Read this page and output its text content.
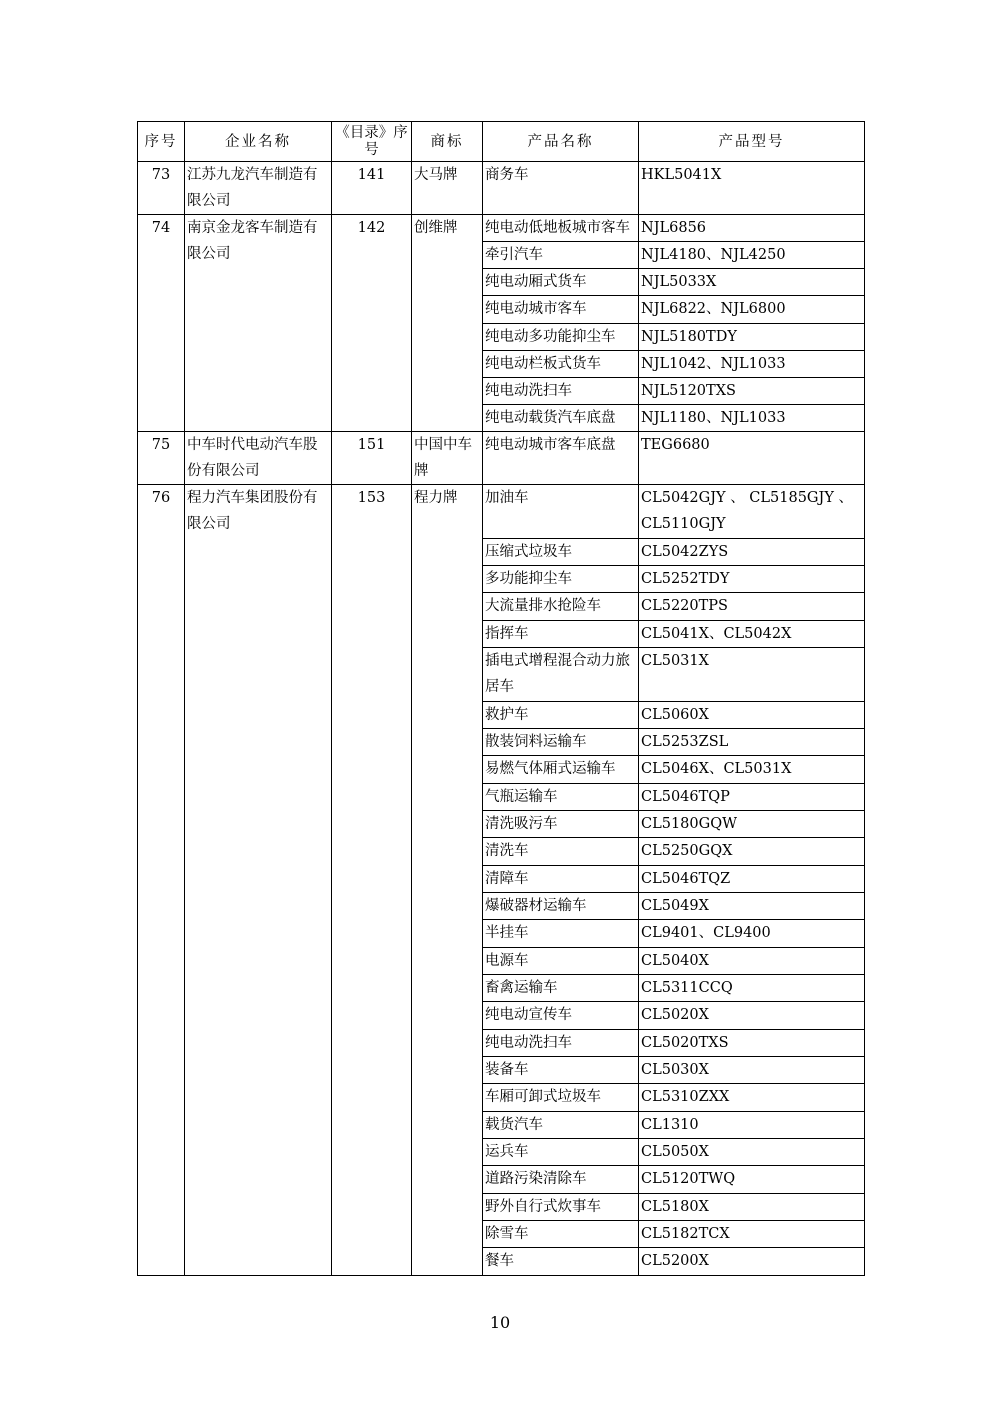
序号	企业名称	《目录》序号	商标	产品名称	产品型号
73	江苏九龙汽车制造有限公司	141	大马牌	商务车	HKL5041X
74	南京金龙客车制造有限公司	142	创维牌	纯电动低地板城市客车	NJL6856
				牵引汽车	NJL4180、NJL4250
				纯电动厢式货车	NJL5033X
				纯电动城市客车	NJL6822、NJL6800
				纯电动多功能抑尘车	NJL5180TDY
				纯电动栏板式货车	NJL1042、NJL1033
				纯电动洗扫车	NJL5120TXS
				纯电动载货汽车底盘	NJL1180、NJL1033
75	中车时代电动汽车股份有限公司	151	中国中车牌	纯电动城市客车底盘	TEG6680
76	程力汽车集团股份有限公司	153	程力牌	加油车	CL5042GJY 、 CL5185GJY 、 CL5110GJY
				压缩式垃圾车	CL5042ZYS
				多功能抑尘车	CL5252TDY
				大流量排水抢险车	CL5220TPS
				指挥车	CL5041X、CL5042X
				插电式增程混合动力旅居车	CL5031X
				救护车	CL5060X
				散装饲料运输车	CL5253ZSL
				易燃气体厢式运输车	CL5046X、CL5031X
				气瓶运输车	CL5046TQP
				清洗吸污车	CL5180GQW
				清洗车	CL5250GQX
				清障车	CL5046TQZ
				爆破器材运输车	CL5049X
				半挂车	CL9401、CL9400
				电源车	CL5040X
				畜禽运输车	CL5311CCQ
				纯电动宣传车	CL5020X
				纯电动洗扫车	CL5020TXS
				装备车	CL5030X
				车厢可卸式垃圾车	CL5310ZXX
				载货汽车	CL1310
				运兵车	CL5050X
				道路污染清除车	CL5120TWQ
				野外自行式炊事车	CL5180X
				除雪车	CL5182TCX
				餐车	CL5200X
10
